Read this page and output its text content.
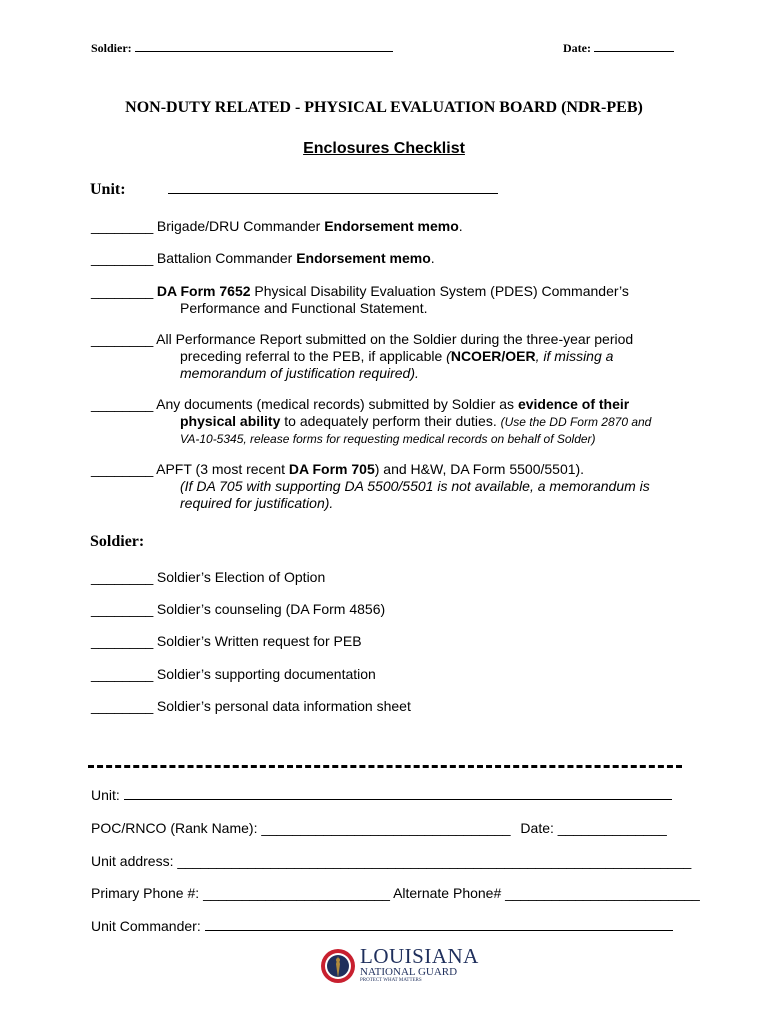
Soldier:	Date:
NON-DUTY RELATED - PHYSICAL EVALUATION BOARD (NDR-PEB)
Enclosures Checklist
Unit:
________ Brigade/DRU Commander Endorsement memo.
________ Battalion Commander Endorsement memo.
________ DA Form 7652 Physical Disability Evaluation System (PDES) Commander’s
Performance and Functional Statement.
________ All Performance Report submitted on the Soldier during the three-year period
preceding referral to the PEB, if applicable (NCOER/OER, if missing a
memorandum of justification required).
________ Any documents (medical records) submitted by Soldier as evidence of their
physical ability to adequately perform their duties. (Use the DD Form 2870 and
VA-10-5345, release forms for requesting medical records on behalf of Solder)
________ APFT (3 most recent DA Form 705) and H&W, DA Form 5500/5501).
(If DA 705 with supporting DA 5500/5501 is not available, a memorandum is
required for justification).
Soldier:
________ Soldier’s Election of Option
________ Soldier’s counseling (DA Form 4856)
________ Soldier’s Written request for PEB
________ Soldier’s supporting documentation
________ Soldier’s personal data information sheet
Unit:
POC/RNCO (Rank Name): ________________________________ Date: ______________
Unit address: __________________________________________________________________
Primary Phone #: ________________________ Alternate Phone# _________________________
Unit Commander:
LOUISIANA
NATIONAL GUARD
PROTECT WHAT MATTERS
